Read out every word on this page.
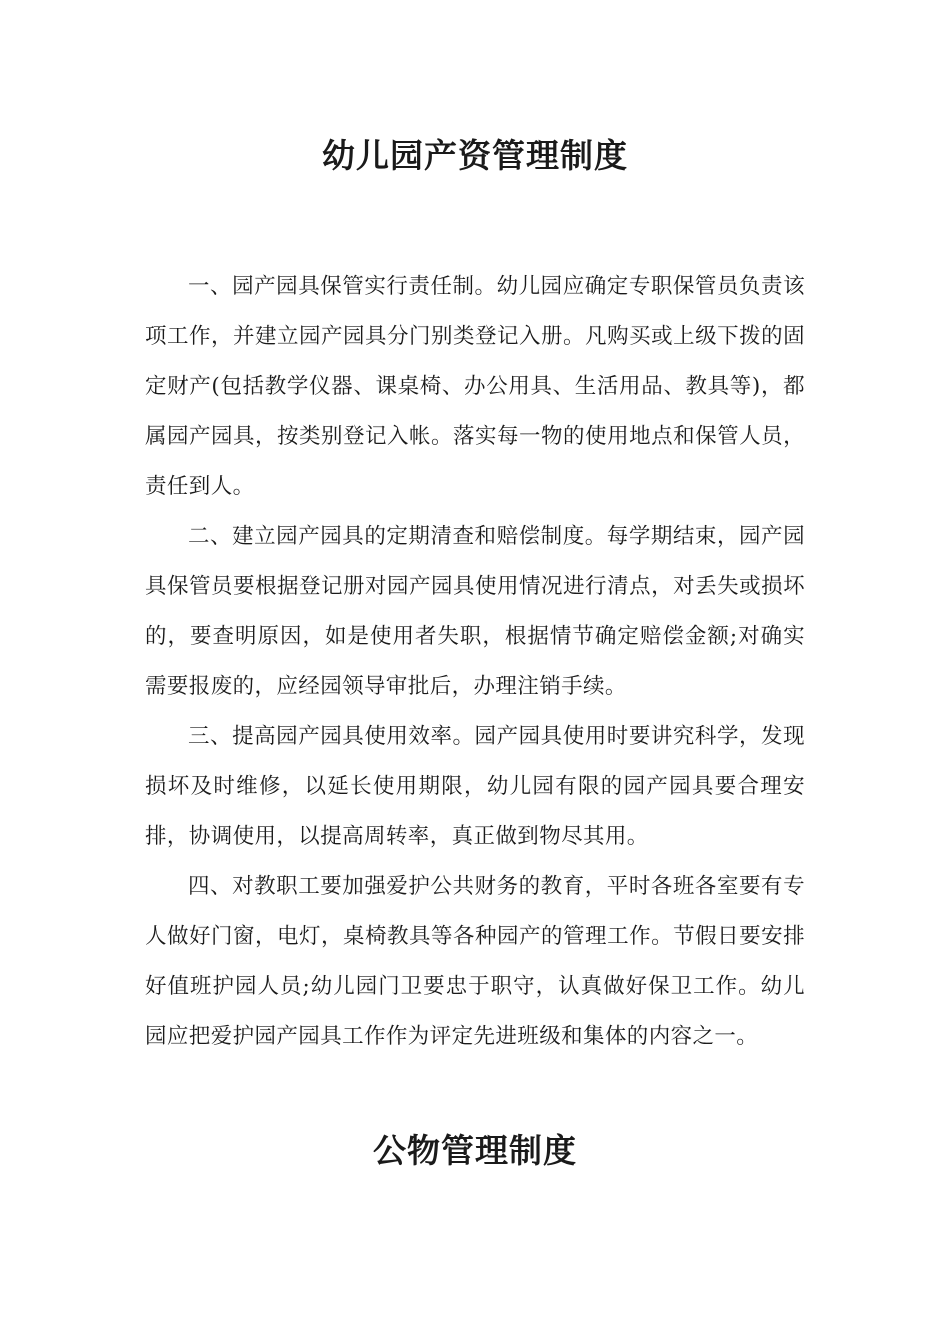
幼儿园产资管理制度

一、园产园具保管实行责任制。幼儿园应确定专职保管员负责该项工作，并建立园产园具分门别类登记入册。凡购买或上级下拨的固定财产(包括教学仪器、课桌椅、办公用具、生活用品、教具等)，都属园产园具，按类别登记入帐。落实每一物的使用地点和保管人员，责任到人。

二、建立园产园具的定期清查和赔偿制度。每学期结束，园产园具保管员要根据登记册对园产园具使用情况进行清点，对丢失或损坏的，要查明原因，如是使用者失职，根据情节确定赔偿金额;对确实需要报废的，应经园领导审批后，办理注销手续。

三、提高园产园具使用效率。园产园具使用时要讲究科学，发现损坏及时维修，以延长使用期限，幼儿园有限的园产园具要合理安排，协调使用，以提高周转率，真正做到物尽其用。

四、对教职工要加强爱护公共财务的教育，平时各班各室要有专人做好门窗，电灯，桌椅教具等各种园产的管理工作。节假日要安排好值班护园人员;幼儿园门卫要忠于职守，认真做好保卫工作。幼儿园应把爱护园产园具工作作为评定先进班级和集体的内容之一。

公物管理制度
